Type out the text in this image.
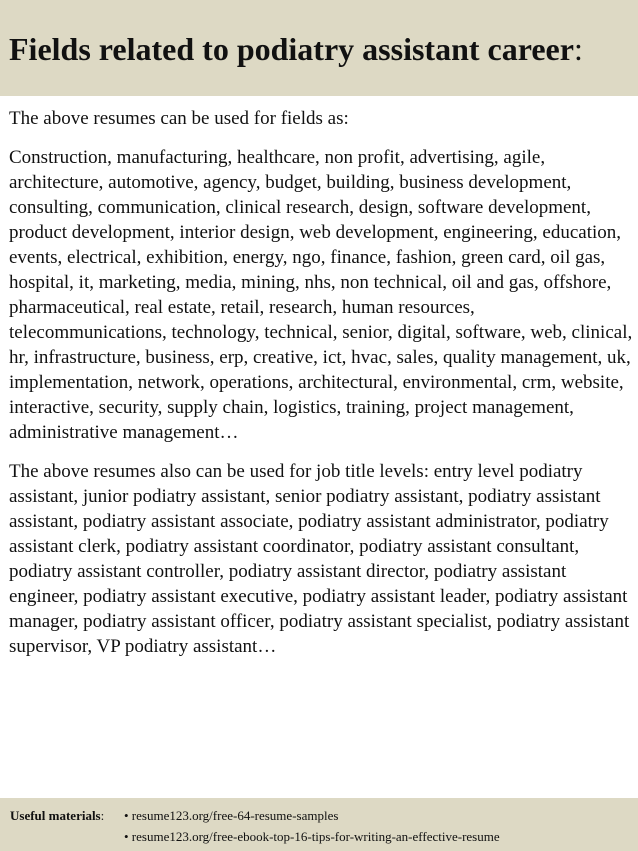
Fields related to podiatry assistant career:

The above resumes can be used for fields as:

Construction, manufacturing, healthcare, non profit, advertising, agile, architecture, automotive, agency, budget, building, business development, consulting, communication, clinical research, design, software development, product development, interior design, web development, engineering, education, events, electrical, exhibition, energy, ngo, finance, fashion, green card, oil gas, hospital, it, marketing, media, mining, nhs, non technical, oil and gas, offshore, pharmaceutical, real estate, retail, research, human resources, telecommunications, technology, technical, senior, digital, software, web, clinical, hr, infrastructure, business, erp, creative, ict, hvac, sales, quality management, uk, implementation, network, operations, architectural, environmental, crm, website, interactive, security, supply chain, logistics, training, project management, administrative management…

The above resumes also can be used for job title levels: entry level podiatry assistant, junior podiatry assistant, senior podiatry assistant, podiatry assistant assistant, podiatry assistant associate, podiatry assistant administrator, podiatry assistant clerk, podiatry assistant coordinator, podiatry assistant consultant, podiatry assistant controller, podiatry assistant director, podiatry assistant engineer, podiatry assistant executive, podiatry assistant leader, podiatry assistant manager, podiatry assistant officer, podiatry assistant specialist, podiatry assistant supervisor, VP podiatry assistant…

Useful materials: • resume123.org/free-64-resume-samples
• resume123.org/free-ebook-top-16-tips-for-writing-an-effective-resume
